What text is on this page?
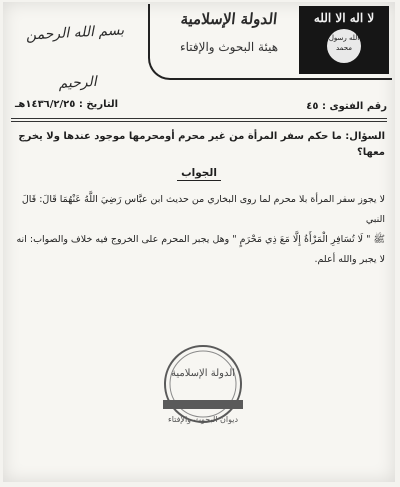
لا اله الا الله
الله رسول محمد
الدولة الإسلامية
هيئة البحوث والإفتاء
بسم الله الرحمن الرحيم
رقم الفتوى : ٤٥
التاريخ : ١٤٣٦/٢/٢٥هـ
السؤال: ما حكم سفر المرأة من غير محرم أومحرمها موجود عندها ولا يخرج معها؟
الجواب
لا يجوز سفر المرأة بلا محرم لما روى البخاري من حديث ابن عبَّاس رَضِيَ اللَّهُ عَنْهُمَا قَالَ: قَالَ النبي
ﷺ " لَا تُسَافِرِ الْمَرْأَةُ إِلَّا مَعَ ذِي مَحْرَمٍ " وهل يجبر المحرم على الخروج فيه خلاف والصواب: انه
لا يجبر والله أعلم.
الدولة الإسلامية
ديوان البحوث والإفتاء
